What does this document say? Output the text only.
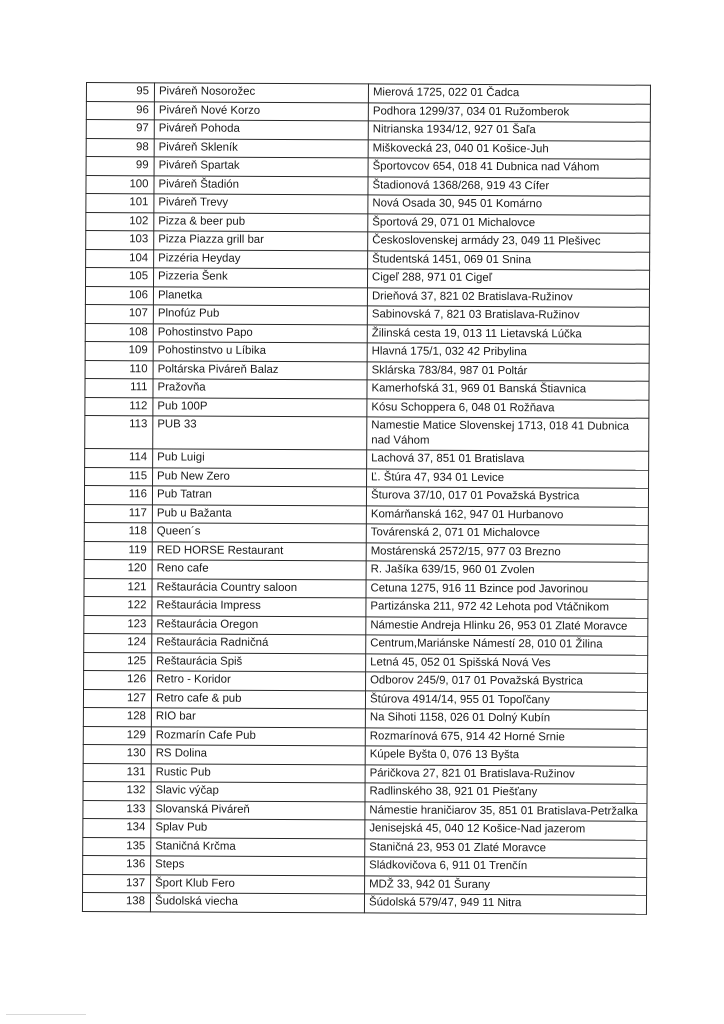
95	Piváreň Nosorožec	Mierová 1725, 022 01 Čadca
96	Piváreň Nové Korzo	Podhora 1299/37, 034 01 Ružomberok
97	Piváreň Pohoda	Nitrianska 1934/12, 927 01 Šaľa
98	Piváreň Skleník	Miškovecká 23, 040 01 Košice-Juh
99	Piváreň Spartak	Športovcov 654, 018 41 Dubnica nad Váhom
100	Piváreň Štadión	Štadionová 1368/268, 919 43 Cífer
101	Piváreň Trevy	Nová Osada 30, 945 01 Komárno
102	Pizza & beer pub	Športová 29, 071 01 Michalovce
103	Pizza Piazza grill bar	Československej armády 23, 049 11 Plešivec
104	Pizzéria Heyday	Študentská 1451, 069 01 Snina
105	Pizzeria Šenk	Cigeľ 288, 971 01 Cigeľ
106	Planetka	Drieňová 37, 821 02 Bratislava-Ružinov
107	Plnofúz Pub	Sabinovská 7, 821 03 Bratislava-Ružinov
108	Pohostinstvo Papo	Žilinská cesta 19, 013 11 Lietavská Lúčka
109	Pohostinstvo u Líbika	Hlavná 175/1, 032 42 Pribylina
110	Poltárska Piváreň Balaz	Sklárska 783/84, 987 01 Poltár
111	Pražovňa	Kamerhofská 31, 969 01 Banská Štiavnica
112	Pub 100P	Kósu Schoppera 6, 048 01 Rožňava
113	PUB 33	Namestie Matice Slovenskej 1713, 018 41 Dubnica nad Váhom
114	Pub Luigi	Lachová 37, 851 01 Bratislava
115	Pub New Zero	Ľ. Štúra 47, 934 01 Levice
116	Pub Tatran	Šturova 37/10, 017 01 Považská Bystrica
117	Pub u Bažanta	Komárňanská 162, 947 01 Hurbanovo
118	Queen´s	Továrenská 2, 071 01 Michalovce
119	RED HORSE Restaurant	Mostárenská 2572/15, 977 03 Brezno
120	Reno cafe	R. Jašíka 639/15, 960 01 Zvolen
121	Reštaurácia Country saloon	Cetuna 1275, 916 11 Bzince pod Javorinou
122	Reštaurácia Impress	Partizánska 211, 972 42 Lehota pod Vtáčnikom
123	Reštaurácia Oregon	Námestie Andreja Hlinku 26, 953 01 Zlaté Moravce
124	Reštaurácia Radničná	Centrum,Mariánske Námestí 28, 010 01 Žilina
125	Reštaurácia Spiš	Letná 45, 052 01 Spišská Nová Ves
126	Retro - Koridor	Odborov 245/9, 017 01 Považská Bystrica
127	Retro cafe & pub	Štúrova 4914/14, 955 01 Topoľčany
128	RIO bar	Na Sihoti 1158, 026 01 Dolný Kubín
129	Rozmarín Cafe Pub	Rozmarínová 675, 914 42 Horné Srnie
130	RS Dolina	Kúpele Byšta 0, 076 13 Byšta
131	Rustic Pub	Páričkova 27, 821 01 Bratislava-Ružinov
132	Slavic výčap	Radlinského 38, 921 01 Piešťany
133	Slovanská Piváreň	Námestie hraničiarov 35, 851 01 Bratislava-Petržalka
134	Splav Pub	Jenisejská 45, 040 12 Košice-Nad jazerom
135	Staničná Krčma	Staničná 23, 953 01 Zlaté Moravce
136	Steps	Sládkovičova 6, 911 01 Trenčín
137	Šport Klub Fero	MDŽ 33, 942 01 Šurany
138	Šudolská viecha	Šúdolská 579/47, 949 11 Nitra
